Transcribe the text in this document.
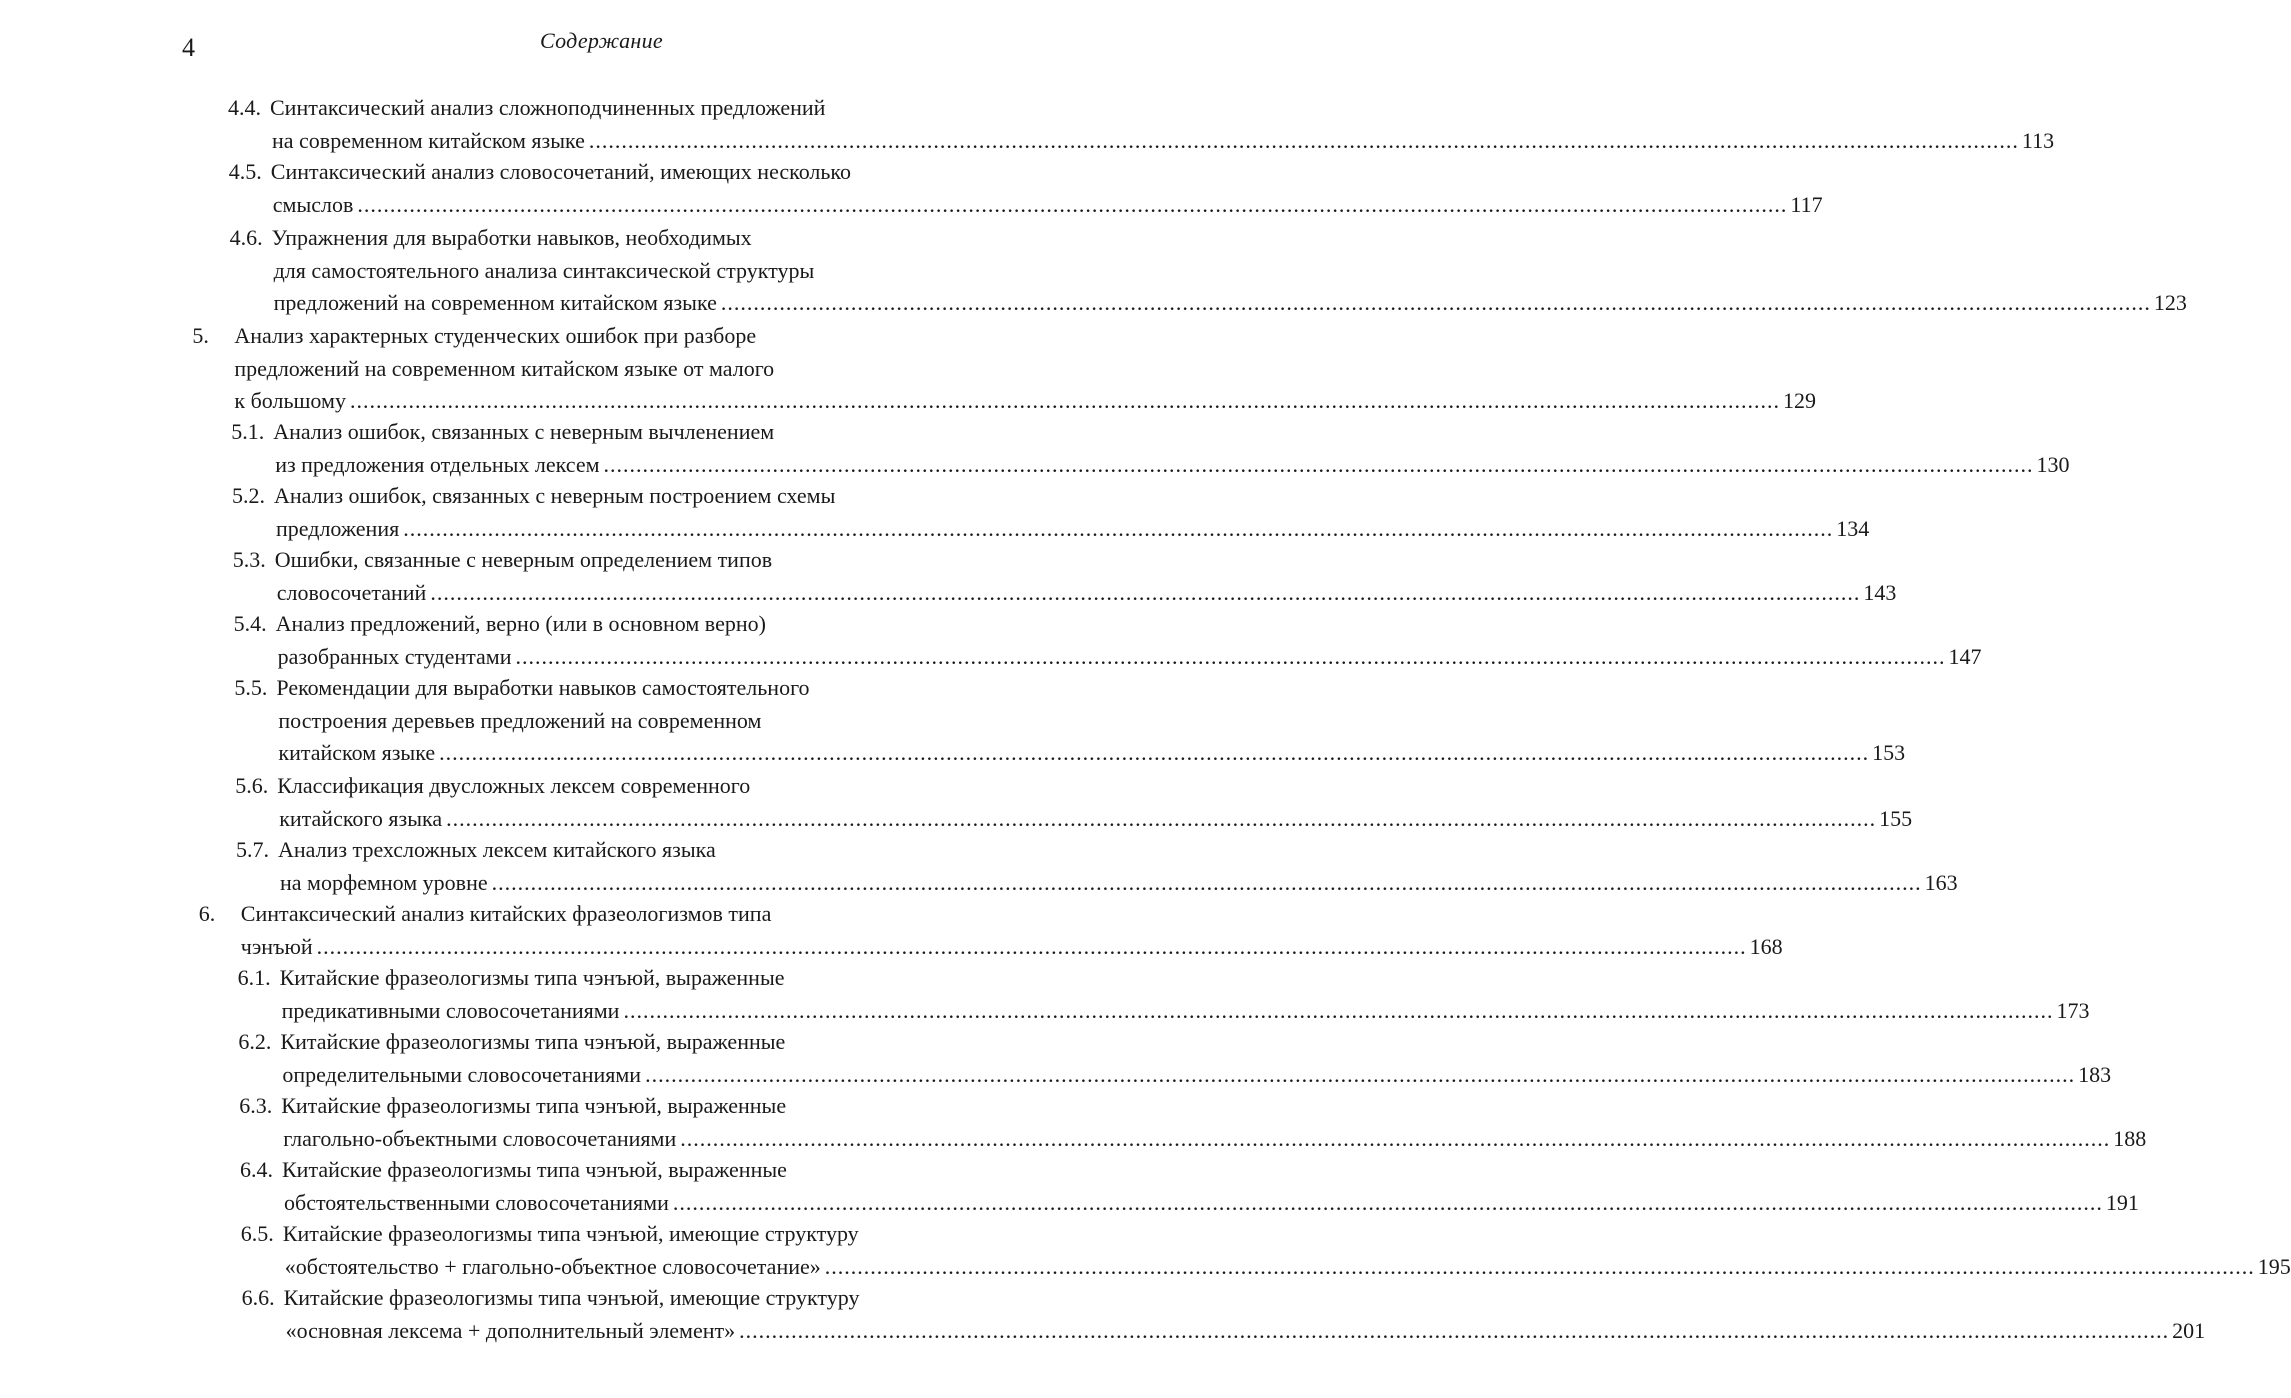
4	Содержание
4.4. Синтаксический анализ сложноподчиненных предложений
на современном китайском языке ............................................................................................................................................................................................................................ 113
4.5. Синтаксический анализ словосочетаний, имеющих несколько
смыслов ............................................................................................................................................................................................................................ 117
4.6. Упражнения для выработки навыков, необходимых
для самостоятельного анализа синтаксической структуры
предложений на современном китайском языке ............................................................................................................................................................................................................................ 123
5. Анализ характерных студенческих ошибок при разборе
предложений на современном китайском языке от малого
к большому ............................................................................................................................................................................................................................ 129
5.1. Анализ ошибок, связанных с неверным вычленением
из предложения отдельных лексем ............................................................................................................................................................................................................................ 130
5.2. Анализ ошибок, связанных с неверным построением схемы
предложения ............................................................................................................................................................................................................................ 134
5.3. Ошибки, связанные с неверным определением типов
словосочетаний ............................................................................................................................................................................................................................ 143
5.4. Анализ предложений, верно (или в основном верно)
разобранных студентами ............................................................................................................................................................................................................................ 147
5.5. Рекомендации для выработки навыков самостоятельного
построения деревьев предложений на современном
китайском языке ............................................................................................................................................................................................................................ 153
5.6. Классификация двусложных лексем современного
китайского языка ............................................................................................................................................................................................................................ 155
5.7. Анализ трехсложных лексем китайского языка
на морфемном уровне ............................................................................................................................................................................................................................ 163
6. Синтаксический анализ китайских фразеологизмов типа
чэнъюй ............................................................................................................................................................................................................................ 168
6.1. Китайские фразеологизмы типа чэнъюй, выраженные
предикативными словосочетаниями ............................................................................................................................................................................................................................ 173
6.2. Китайские фразеологизмы типа чэнъюй, выраженные
определительными словосочетаниями ............................................................................................................................................................................................................................ 183
6.3. Китайские фразеологизмы типа чэнъюй, выраженные
глагольно-объектными словосочетаниями ............................................................................................................................................................................................................................ 188
6.4. Китайские фразеологизмы типа чэнъюй, выраженные
обстоятельственными словосочетаниями ............................................................................................................................................................................................................................ 191
6.5. Китайские фразеологизмы типа чэнъюй, имеющие структуру
«обстоятельство + глагольно-объектное словосочетание» ............................................................................................................................................................................................................................ 195
6.6. Китайские фразеологизмы типа чэнъюй, имеющие структуру
«основная лексема + дополнительный элемент» ............................................................................................................................................................................................................................ 201
